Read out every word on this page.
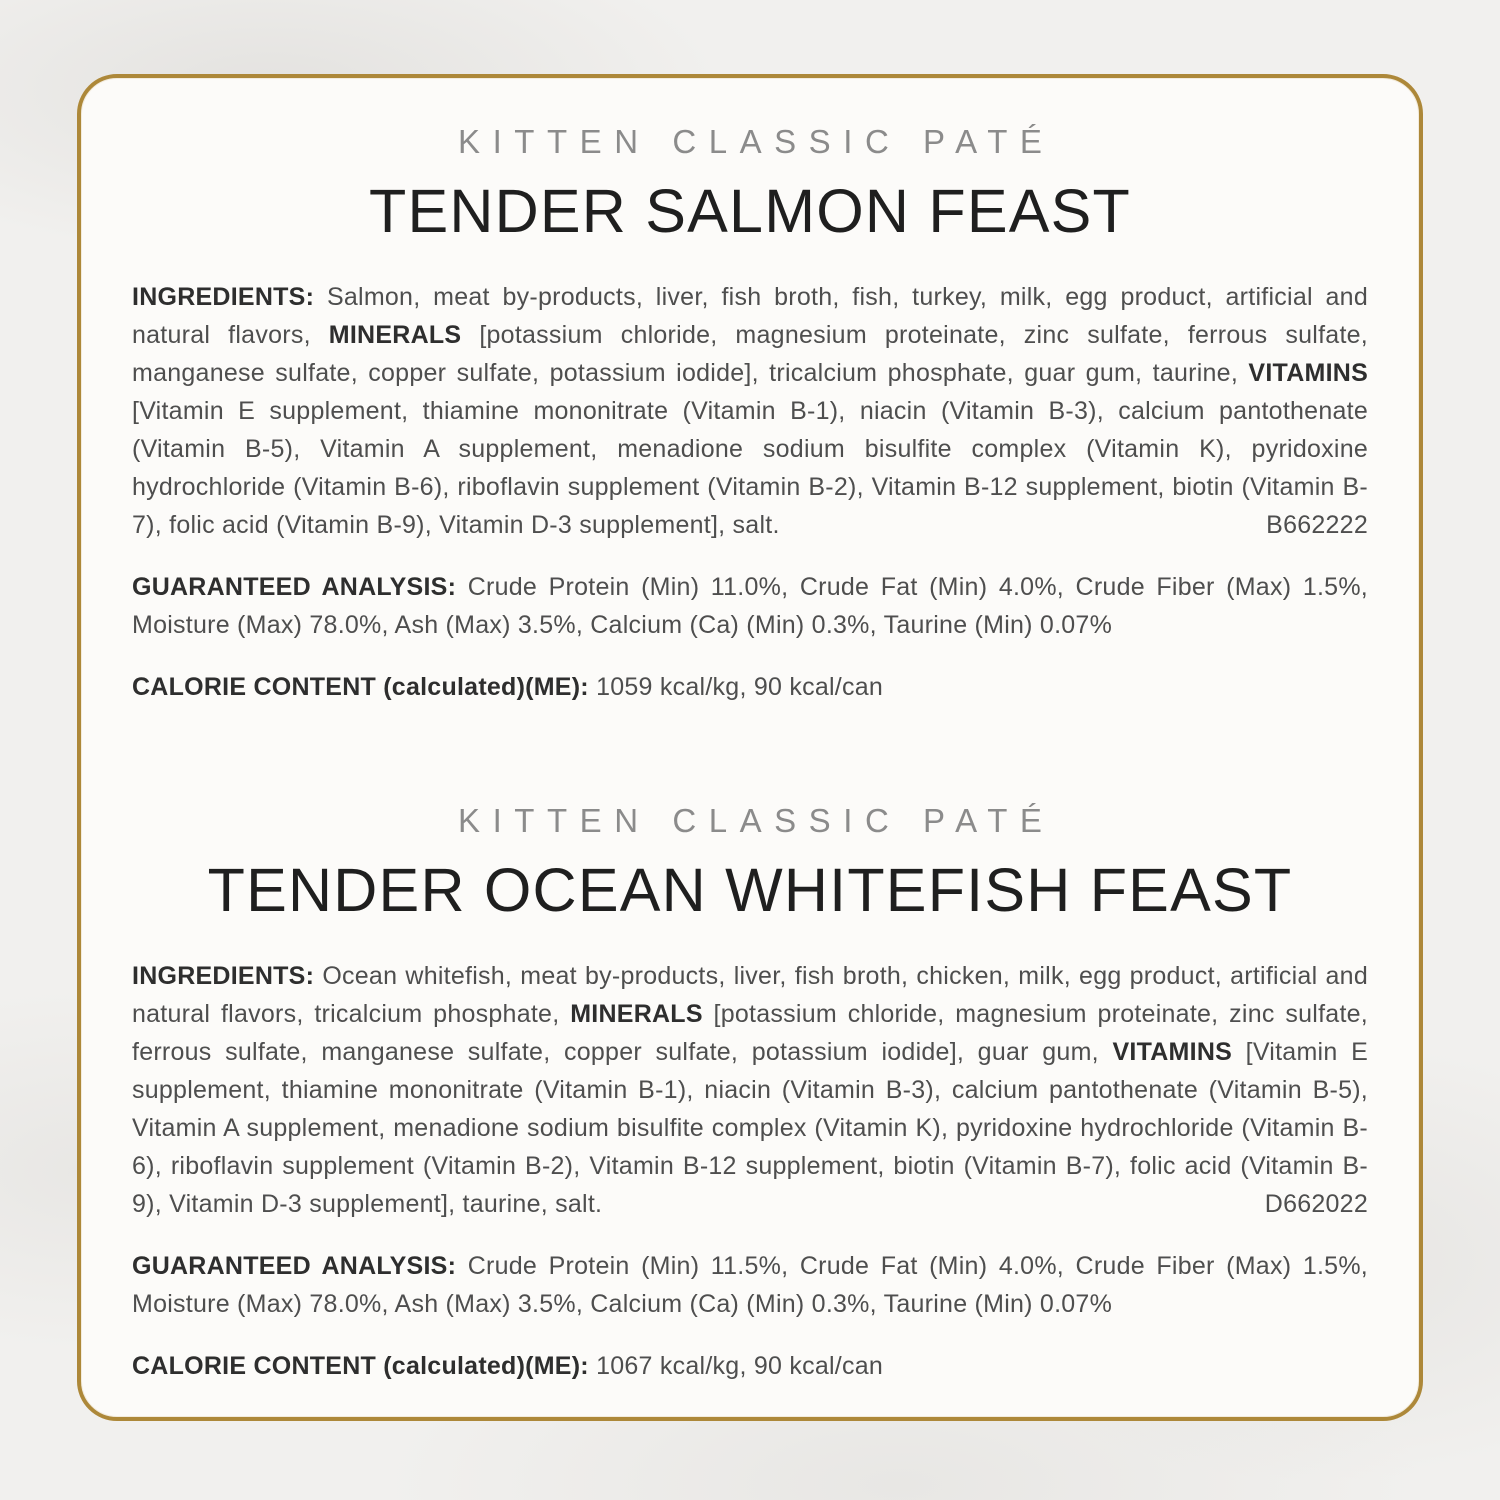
KITTEN CLASSIC PATÉ
TENDER SALMON FEAST

INGREDIENTS: Salmon, meat by-products, liver, fish broth, fish, turkey, milk, egg product, artificial and natural flavors, MINERALS [potassium chloride, magnesium proteinate, zinc sulfate, ferrous sulfate, manganese sulfate, copper sulfate, potassium iodide], tricalcium phosphate, guar gum, taurine, VITAMINS [Vitamin E supplement, thiamine mononitrate (Vitamin B-1), niacin (Vitamin B-3), calcium pantothenate (Vitamin B-5), Vitamin A supplement, menadione sodium bisulfite complex (Vitamin K), pyridoxine hydrochloride (Vitamin B-6), riboflavin supplement (Vitamin B-2), Vitamin B-12 supplement, biotin (Vitamin B-7), folic acid (Vitamin B-9), Vitamin D-3 supplement], salt.	B662222

GUARANTEED ANALYSIS: Crude Protein (Min) 11.0%, Crude Fat (Min) 4.0%, Crude Fiber (Max) 1.5%, Moisture (Max) 78.0%, Ash (Max) 3.5%, Calcium (Ca) (Min) 0.3%, Taurine (Min) 0.07%

CALORIE CONTENT (calculated)(ME): 1059 kcal/kg, 90 kcal/can

KITTEN CLASSIC PATÉ
TENDER OCEAN WHITEFISH FEAST

INGREDIENTS: Ocean whitefish, meat by-products, liver, fish broth, chicken, milk, egg product, artificial and natural flavors, tricalcium phosphate, MINERALS [potassium chloride, magnesium proteinate, zinc sulfate, ferrous sulfate, manganese sulfate, copper sulfate, potassium iodide], guar gum, VITAMINS [Vitamin E supplement, thiamine mononitrate (Vitamin B-1), niacin (Vitamin B-3), calcium pantothenate (Vitamin B-5), Vitamin A supplement, menadione sodium bisulfite complex (Vitamin K), pyridoxine hydrochloride (Vitamin B-6), riboflavin supplement (Vitamin B-2), Vitamin B-12 supplement, biotin (Vitamin B-7), folic acid (Vitamin B-9), Vitamin D-3 supplement], taurine, salt.	D662022

GUARANTEED ANALYSIS: Crude Protein (Min) 11.5%, Crude Fat (Min) 4.0%, Crude Fiber (Max) 1.5%, Moisture (Max) 78.0%, Ash (Max) 3.5%, Calcium (Ca) (Min) 0.3%, Taurine (Min) 0.07%

CALORIE CONTENT (calculated)(ME): 1067 kcal/kg, 90 kcal/can
